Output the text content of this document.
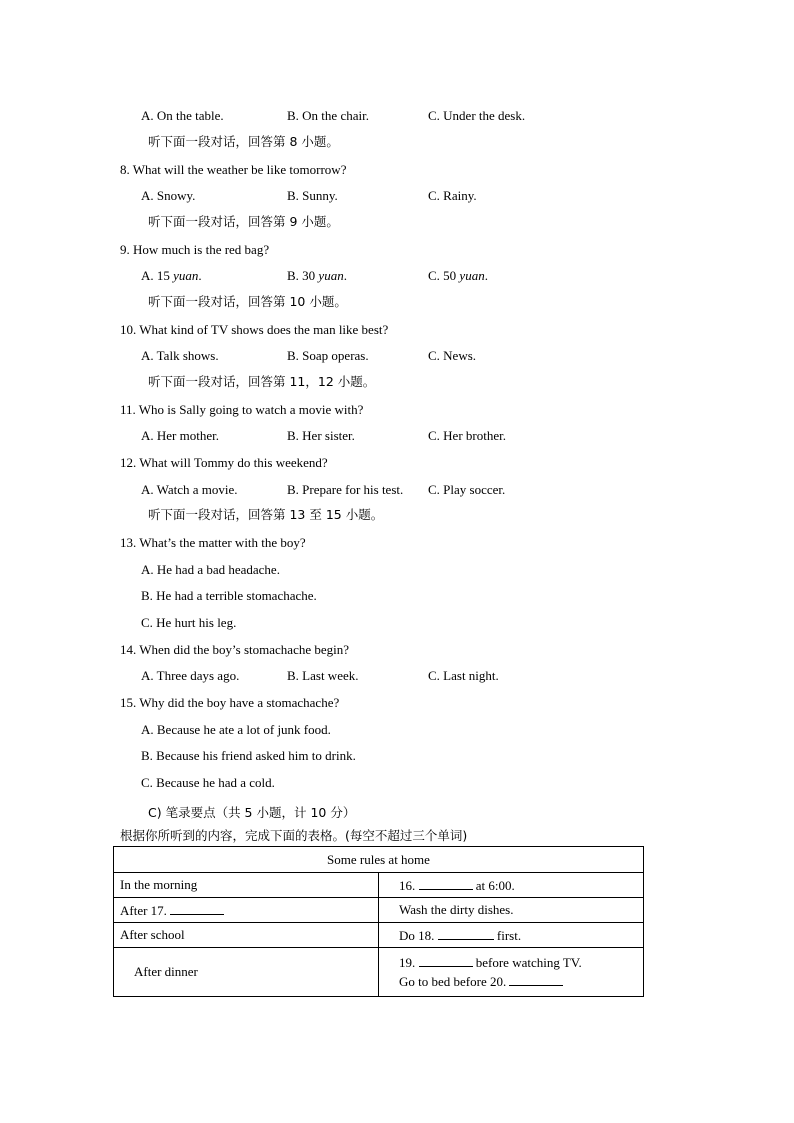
A. On the table.	B. On the chair.	C. Under the desk.
听下面一段对话，回答第 8 小题。
8. What will the weather be like tomorrow?
A. Snowy.	B. Sunny.	C. Rainy.
听下面一段对话，回答第 9 小题。
9. How much is the red bag?
A. 15 yuan.	B. 30 yuan.	C. 50 yuan.
听下面一段对话，回答第 10 小题。
10. What kind of TV shows does the man like best?
A. Talk shows.	B. Soap operas.	C. News.
听下面一段对话，回答第 11，12 小题。
11. Who is Sally going to watch a movie with?
A. Her mother.	B. Her sister.	C. Her brother.
12. What will Tommy do this weekend?
A. Watch a movie.	B. Prepare for his test. C. Play soccer.
听下面一段对话，回答第 13 至 15 小题。
13. What’s the matter with the boy?
A. He had a bad headache.
B. He had a terrible stomachache.
C. He hurt his leg.
14. When did the boy’s stomachache begin?
A. Three days ago.	B. Last week.	C. Last night.
15. Why did the boy have a stomachache?
A. Because he ate a lot of junk food.
B. Because his friend asked him to drink.
C. Because he had a cold.
C) 笔录要点（共 5 小题，计 10 分）
根据你所听到的内容，完成下面的表格。(每空不超过三个单词)
Some rules at home	
In the morning	16. at 6:00.
After 17.	Wash the dirty dishes.
After school	Do 18. first.
After dinner	19. before watching TV.
Go to bed before 20.
